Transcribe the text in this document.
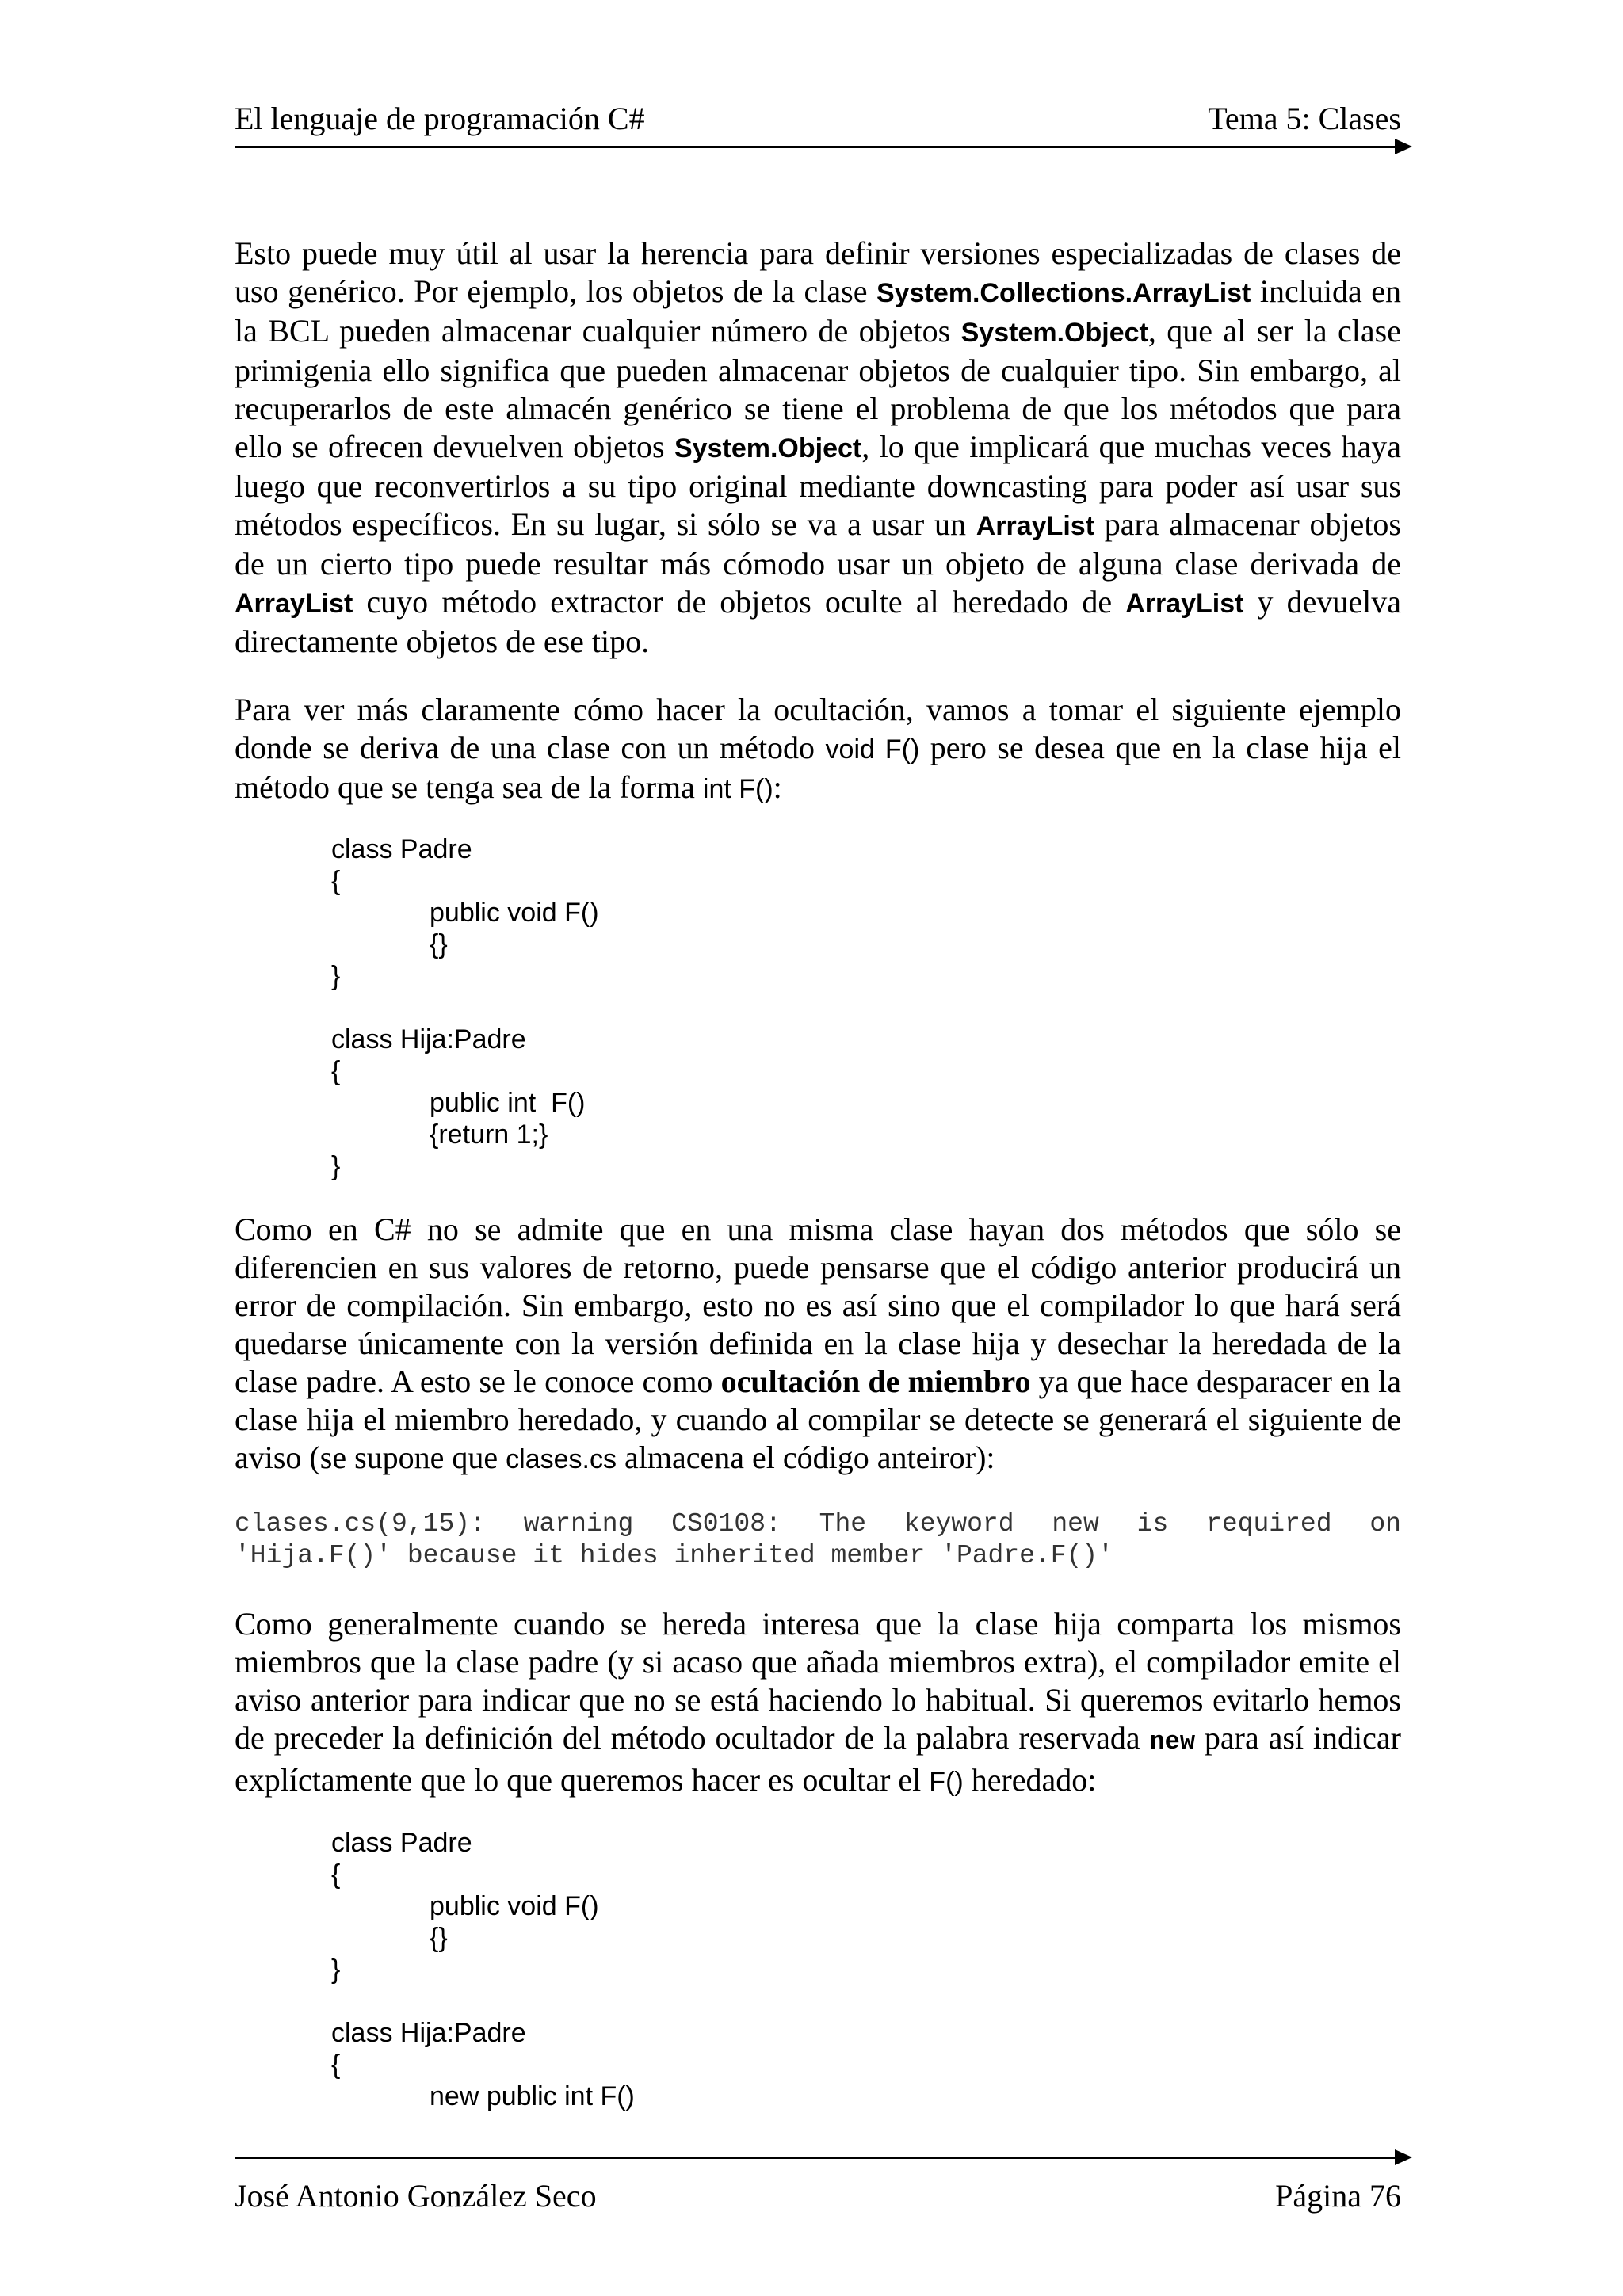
El lenguaje de programación C#	Tema 5: Clases
Esto puede muy útil al usar la herencia para definir versiones especializadas de clases de uso genérico. Por ejemplo, los objetos de la clase System.Collections.ArrayList incluida en la BCL pueden almacenar cualquier número de objetos System.Object, que al ser la clase primigenia ello significa que pueden almacenar objetos de cualquier tipo. Sin embargo, al recuperarlos de este almacén genérico se tiene el problema de que los métodos que para ello se ofrecen devuelven objetos System.Object, lo que implicará que muchas veces haya luego que reconvertirlos a su tipo original mediante downcasting para poder así usar sus métodos específicos. En su lugar, si sólo se va a usar un ArrayList para almacenar objetos de un cierto tipo puede resultar más cómodo usar un objeto de alguna clase derivada de ArrayList cuyo método extractor de objetos oculte al heredado de ArrayList y devuelva directamente objetos de ese tipo.
Para ver más claramente cómo hacer la ocultación, vamos a tomar el siguiente ejemplo donde se deriva de una clase con un método void F() pero se desea que en la clase hija el método que se tenga sea de la forma int F():
class Padre
{
public void F()
{}
}
class Hija:Padre
{
public int  F()
{return 1;}
}
Como en C# no se admite que en una misma clase hayan dos métodos que sólo se diferencien en sus valores de retorno, puede pensarse que el código anterior producirá un error de compilación. Sin embargo, esto no es así sino que el compilador lo que hará será quedarse únicamente con la versión definida en la clase hija y desechar la heredada de la clase padre. A esto se le conoce como ocultación de miembro ya que hace desparacer en la clase hija el miembro heredado, y cuando al compilar se detecte se generará el siguiente de aviso (se supone que clases.cs almacena el código anteiror):
clases.cs(9,15): warning CS0108: The keyword new is required on
'Hija.F()' because it hides inherited member 'Padre.F()'
Como generalmente cuando se hereda interesa que la clase hija comparta los mismos miembros que la clase padre (y si acaso que añada miembros extra), el compilador emite el aviso anterior para indicar que no se está haciendo lo habitual. Si queremos evitarlo hemos de preceder la definición del método ocultador de la palabra reservada new para así indicar explíctamente que lo que queremos hacer es ocultar el F() heredado:
class Padre
{
public void F()
{}
}
class Hija:Padre
{
new public int F()
José Antonio González Seco	Página 76
